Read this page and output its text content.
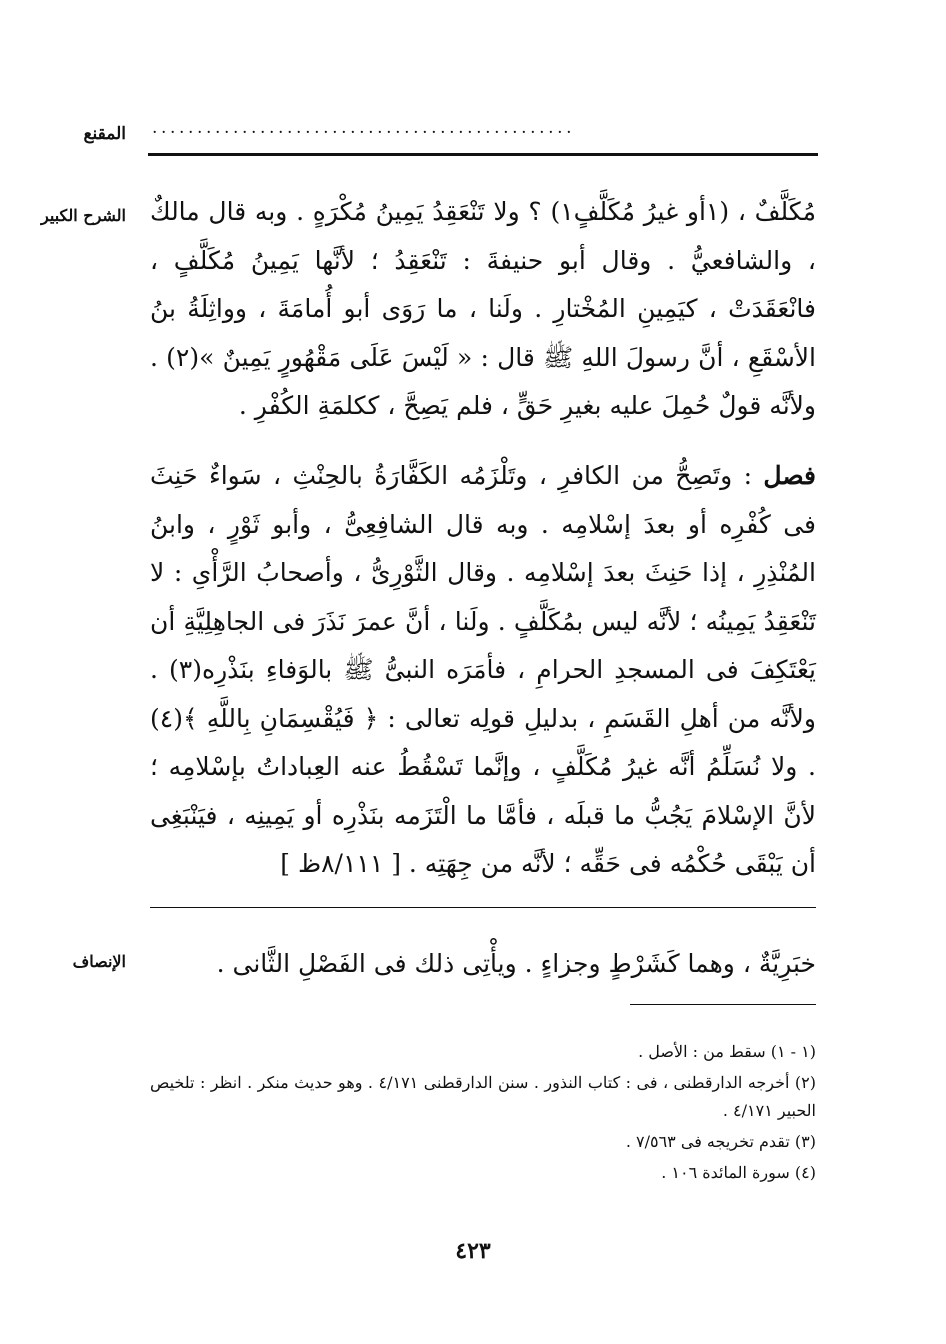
المقنع ...............................................
الشرح الكبير مُكَلَّفٌ ، (١أو غيرُ مُكَلَّفٍ١) ؟ ولا تَنْعَقِدُ يَمِينُ مُكْرَهٍ . وبه قال مالكٌ ، والشافعيُّ . وقال أبو حنيفةَ : تَنْعَقِدُ ؛ لأنَّها يَمِينُ مُكَلَّفٍ ، فانْعَقَدَتْ ، كيَمِينِ المُخْتارِ . ولَنا ، ما رَوَى أبو أُمامَةَ ، وواثِلَةُ بنُ الأسْقَعِ ، أنَّ رسولَ اللهِ ﷺ قال : « لَيْسَ عَلَى مَقْهُورٍ يَمِينٌ »(٢) . ولأنَّه قولٌ حُمِلَ عليه بغيرِ حَقٍّ ، فلم يَصِحَّ ، ككلمَةِ الكُفْرِ .
فصل : وتَصِحُّ من الكافرِ ، وتَلْزَمُه الكَفَّارَةُ بالحِنْثِ ، سَواءٌ حَنِثَ فى كُفْرِه أو بعدَ إسْلامِه . وبه قال الشافِعِىُّ ، وأبو ثَوْرٍ ، وابنُ المُنْذِرِ ، إذا حَنِثَ بعدَ إسْلامِه . وقال الثَّوْرِىُّ ، وأصحابُ الرَّأْىِ : لا تَنْعَقِدُ يَمِينُه ؛ لأنَّه ليس بمُكَلَّفٍ . ولَنا ، أنَّ عمرَ نَذَرَ فى الجاهِلِيَّةِ أن يَعْتَكِفَ فى المسجدِ الحرامِ ، فأمَرَه النبىُّ ﷺ بالوَفاءِ بنَذْرِه(٣) . ولأنَّه من أهلِ القَسَمِ ، بدليلِ قولِه تعالى : ﴿ فَيُقْسِمَانِ بِاللَّهِ ﴾(٤) . ولا نُسَلِّمُ أنَّه غيرُ مُكَلَّفٍ ، وإنَّما تَسْقُطُ عنه العِباداتُ بإسْلامِه ؛ لأنَّ الإسْلامَ يَجُبُّ ما قبلَه ، فأمَّا ما الْتَزَمه بنَذْرِه أو يَمِينِه ، فيَنْبَغِى أن يَبْقَى حُكْمُه فى حَقِّه ؛ لأنَّه من جِهَتِه . [ ٨/١١١ظ ]
الإنصاف	خبَرِيَّةٌ ، وهما كَشَرْطٍ وجزاءٍ . ويأْتِى ذلك فى الفَصْلِ الثَّانى .

(١ - ١) سقط من : الأصل .

(٢) أخرجه الدارقطنى ، فى : كتاب النذور . سنن الدارقطنى ٤/١٧١ . وهو حديث منكر . انظر : تلخيص الحبير ٤/١٧١ .

(٣) تقدم تخريجه فى ٧/٥٦٣ .

(٤) سورة المائدة ١٠٦ .

٤٢٣
